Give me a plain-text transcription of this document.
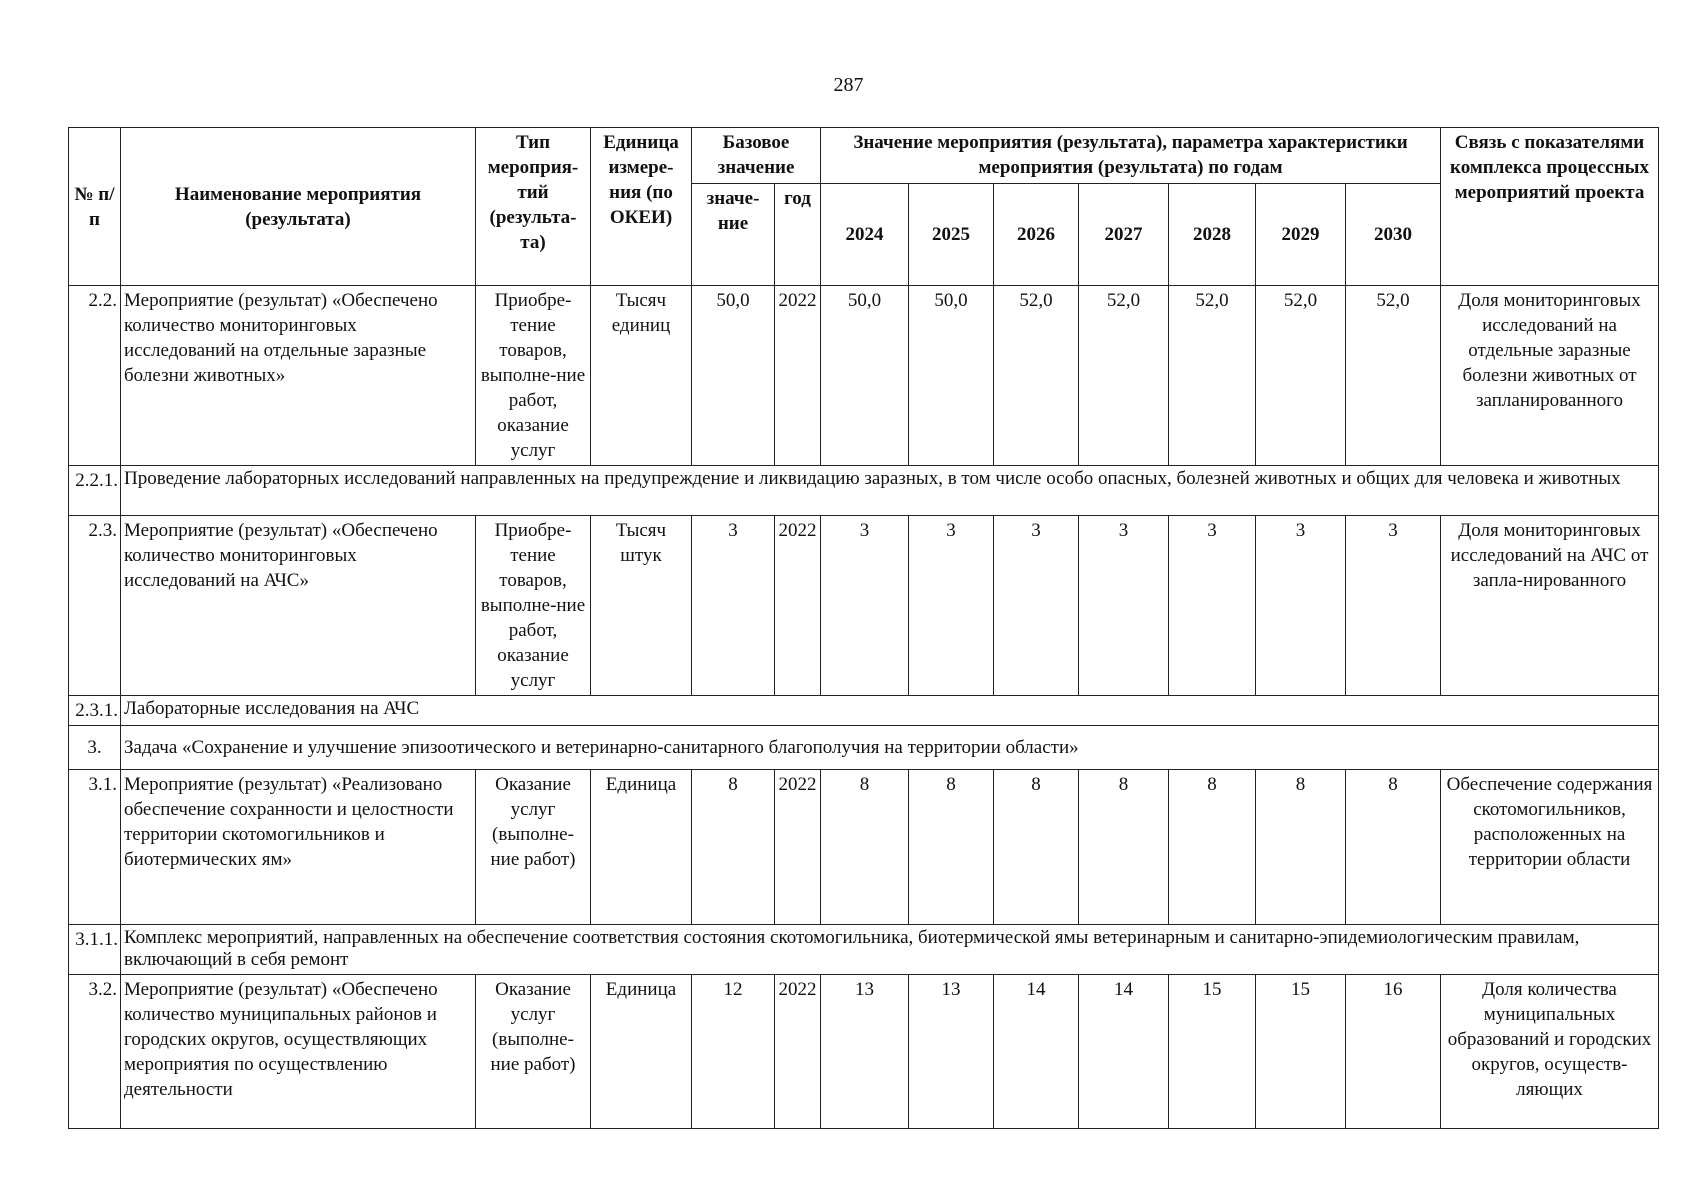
287
№ п/п	Наименование мероприятия (результата)	Тип мероприя-тий (результа-та)	Единица измере-ния (по ОКЕИ)	Базовое значение		Значение мероприятия (результата), параметра характеристики мероприятия (результата) по годам							Связь с показателями комплекса процессных мероприятий проекта
				значе-ние	год	2024	2025	2026	2027	2028	2029	2030	
2.2.	Мероприятие (результат) «Обеспечено количество мониторинговых исследований на отдельные заразные болезни животных»	Приобре-тение товаров, выполне-ние работ, оказание услуг	Тысяч единиц	50,0	2022	50,0	50,0	52,0	52,0	52,0	52,0	52,0	Доля мониторинговых исследований на отдельные заразные болезни животных от запланированного
2.2.1.	Проведение лабораторных исследований направленных на предупреждение и ликвидацию заразных, в том числе особо опасных, болезней животных и общих для человека и животных												
2.3.	Мероприятие (результат) «Обеспечено количество мониторинговых исследований на АЧС»	Приобре-тение товаров, выполне-ние работ, оказание услуг	Тысяч штук	3	2022	3	3	3	3	3	3	3	Доля мониторинговых исследований на АЧС от запла-нированного
2.3.1.	Лабораторные исследования на АЧС												
3.	Задача «Сохранение и улучшение эпизоотического и ветеринарно-санитарного благополучия на территории области»												
3.1.	Мероприятие (результат) «Реализовано обеспечение сохранности и целостности территории скотомогильников и биотермических ям»	Оказание услуг (выполне-ние работ)	Единица	8	2022	8	8	8	8	8	8	8	Обеспечение содержания скотомогильников, расположенных на территории области
3.1.1.	Комплекс мероприятий, направленных на обеспечение соответствия состояния скотомогильника, биотермической ямы ветеринарным и санитарно-эпидемиологическим правилам, включающий в себя ремонт												
3.2.	Мероприятие (результат) «Обеспечено количество муниципальных районов и городских округов, осуществляющих мероприятия по осуществлению деятельности	Оказание услуг (выполне-ние работ)	Единица	12	2022	13	13	14	14	15	15	16	Доля количества муниципальных образований и городских округов, осуществ-ляющих
